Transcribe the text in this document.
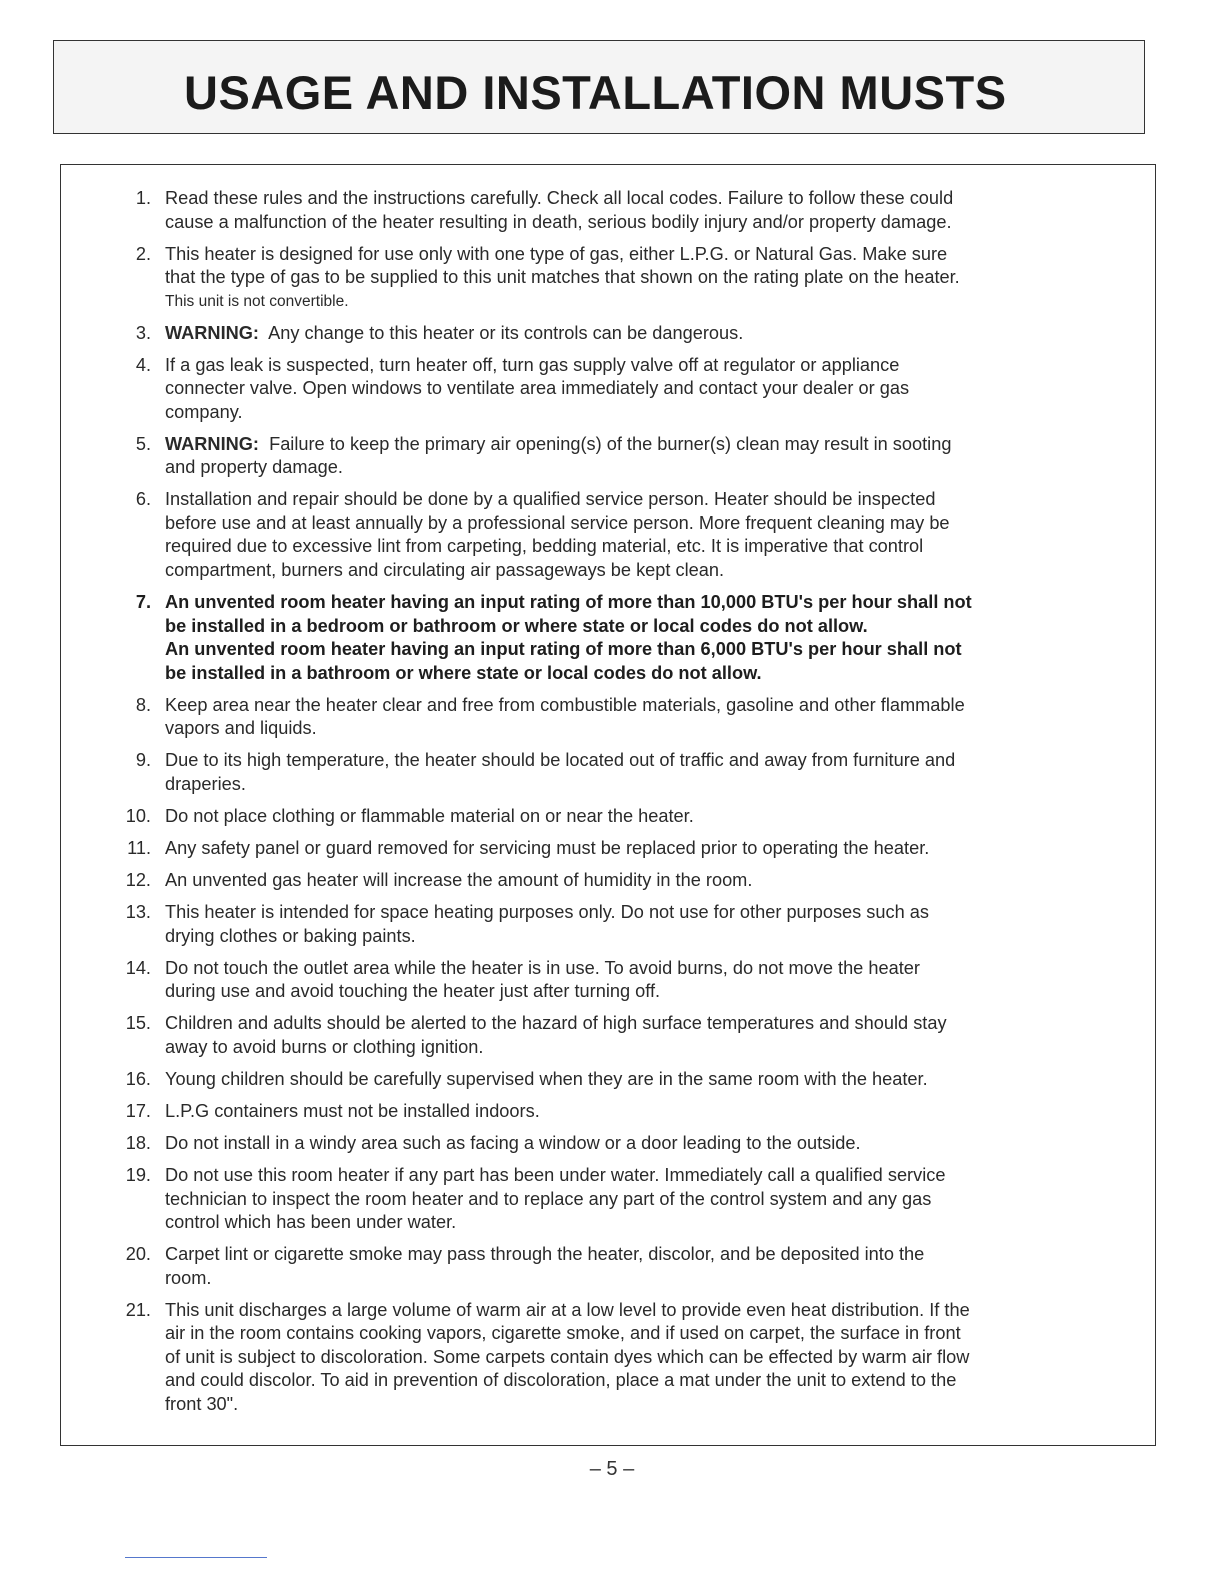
USAGE AND INSTALLATION MUSTS
1. Read these rules and the instructions carefully. Check all local codes. Failure to follow these could
cause a malfunction of the heater resulting in death, serious bodily injury and/or property damage.
2. This heater is designed for use only with one type of gas, either L.P.G. or Natural Gas. Make sure
that the type of gas to be supplied to this unit matches that shown on the rating plate on the heater.
This unit is not convertible.
3. WARNING: Any change to this heater or its controls can be dangerous.
4. If a gas leak is suspected, turn heater off, turn gas supply valve off at regulator or appliance
connecter valve. Open windows to ventilate area immediately and contact your dealer or gas
company.
5. WARNING: Failure to keep the primary air opening(s) of the burner(s) clean may result in sooting
and property damage.
6. Installation and repair should be done by a qualified service person. Heater should be inspected
before use and at least annually by a professional service person. More frequent cleaning may be
required due to excessive lint from carpeting, bedding material, etc. It is imperative that control
compartment, burners and circulating air passageways be kept clean.
7. An unvented room heater having an input rating of more than 10,000 BTU's per hour shall not
be installed in a bedroom or bathroom or where state or local codes do not allow.
An unvented room heater having an input rating of more than 6,000 BTU's per hour shall not
be installed in a bathroom or where state or local codes do not allow.
8. Keep area near the heater clear and free from combustible materials, gasoline and other flammable
vapors and liquids.
9. Due to its high temperature, the heater should be located out of traffic and away from furniture and
draperies.
10. Do not place clothing or flammable material on or near the heater.
11. Any safety panel or guard removed for servicing must be replaced prior to operating the heater.
12. An unvented gas heater will increase the amount of humidity in the room.
13. This heater is intended for space heating purposes only. Do not use for other purposes such as
drying clothes or baking paints.
14. Do not touch the outlet area while the heater is in use. To avoid burns, do not move the heater
during use and avoid touching the heater just after turning off.
15. Children and adults should be alerted to the hazard of high surface temperatures and should stay
away to avoid burns or clothing ignition.
16. Young children should be carefully supervised when they are in the same room with the heater.
17. L.P.G containers must not be installed indoors.
18. Do not install in a windy area such as facing a window or a door leading to the outside.
19. Do not use this room heater if any part has been under water. Immediately call a qualified service
technician to inspect the room heater and to replace any part of the control system and any gas
control which has been under water.
20. Carpet lint or cigarette smoke may pass through the heater, discolor, and be deposited into the
room.
21. This unit discharges a large volume of warm air at a low level to provide even heat distribution. If the
air in the room contains cooking vapors, cigarette smoke, and if used on carpet, the surface in front
of unit is subject to discoloration. Some carpets contain dyes which can be effected by warm air flow
and could discolor. To aid in prevention of discoloration, place a mat under the unit to extend to the
front 30".
– 5 –
